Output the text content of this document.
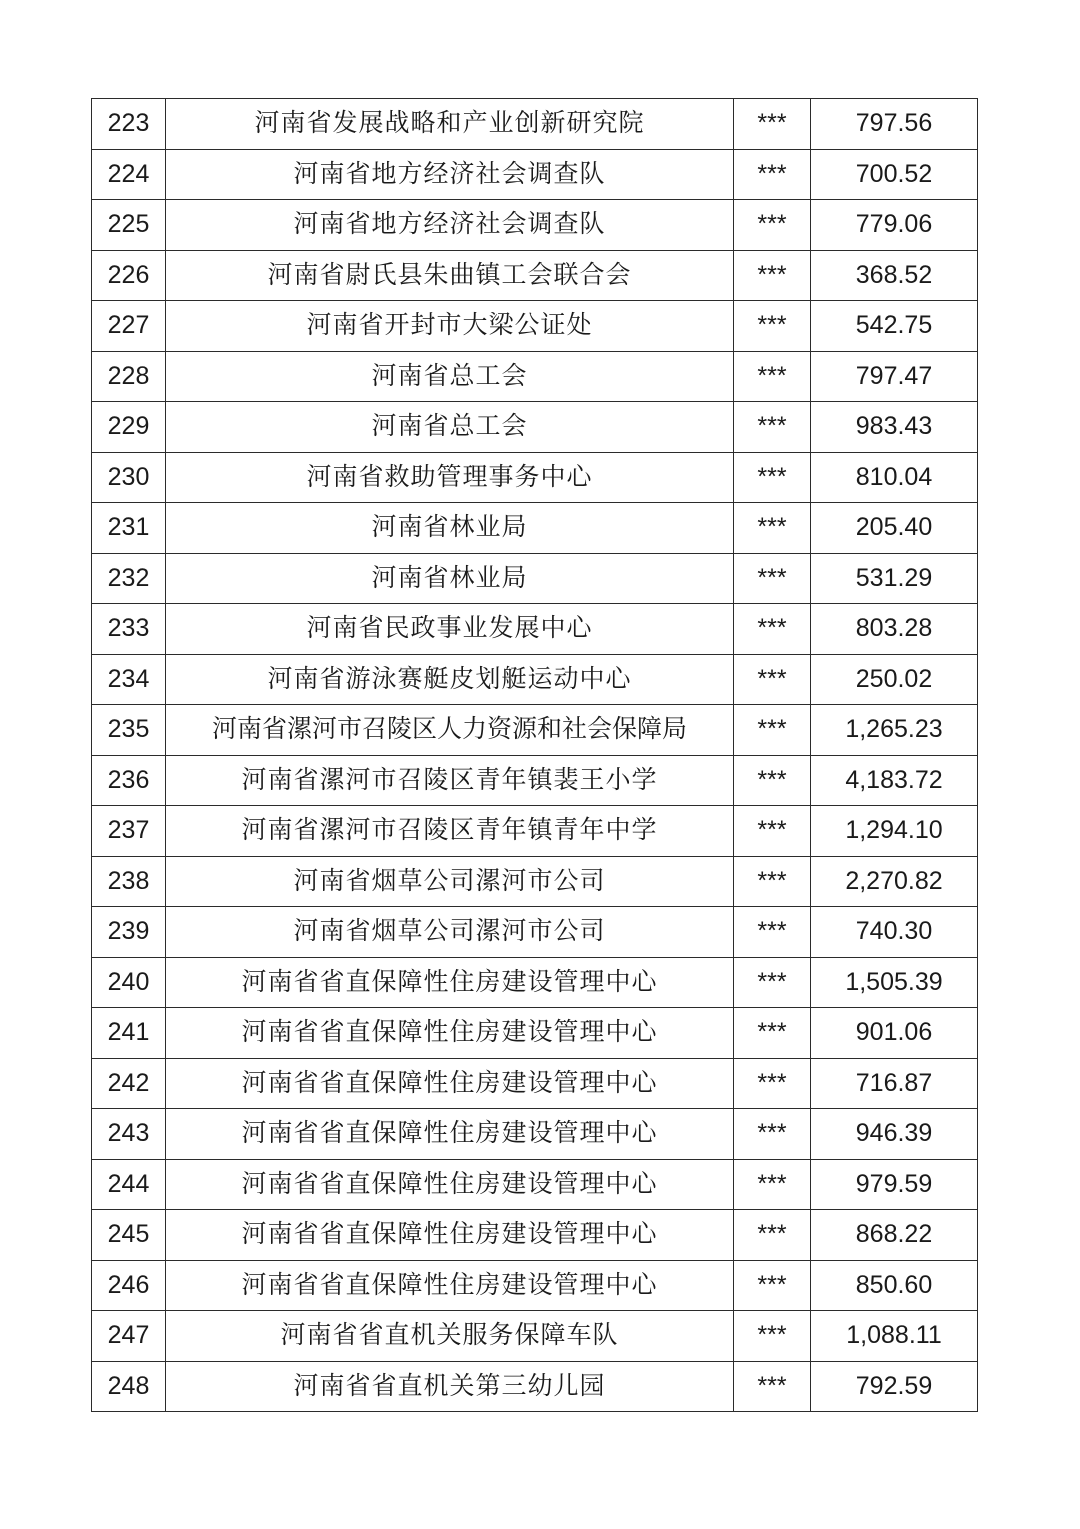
223	河南省发展战略和产业创新研究院	***	797.56
224	河南省地方经济社会调查队	***	700.52
225	河南省地方经济社会调查队	***	779.06
226	河南省尉氏县朱曲镇工会联合会	***	368.52
227	河南省开封市大梁公证处	***	542.75
228	河南省总工会	***	797.47
229	河南省总工会	***	983.43
230	河南省救助管理事务中心	***	810.04
231	河南省林业局	***	205.40
232	河南省林业局	***	531.29
233	河南省民政事业发展中心	***	803.28
234	河南省游泳赛艇皮划艇运动中心	***	250.02
235	河南省漯河市召陵区人力资源和社会保障局	***	1,265.23
236	河南省漯河市召陵区青年镇裴王小学	***	4,183.72
237	河南省漯河市召陵区青年镇青年中学	***	1,294.10
238	河南省烟草公司漯河市公司	***	2,270.82
239	河南省烟草公司漯河市公司	***	740.30
240	河南省省直保障性住房建设管理中心	***	1,505.39
241	河南省省直保障性住房建设管理中心	***	901.06
242	河南省省直保障性住房建设管理中心	***	716.87
243	河南省省直保障性住房建设管理中心	***	946.39
244	河南省省直保障性住房建设管理中心	***	979.59
245	河南省省直保障性住房建设管理中心	***	868.22
246	河南省省直保障性住房建设管理中心	***	850.60
247	河南省省直机关服务保障车队	***	1,088.11
248	河南省省直机关第三幼儿园	***	792.59
